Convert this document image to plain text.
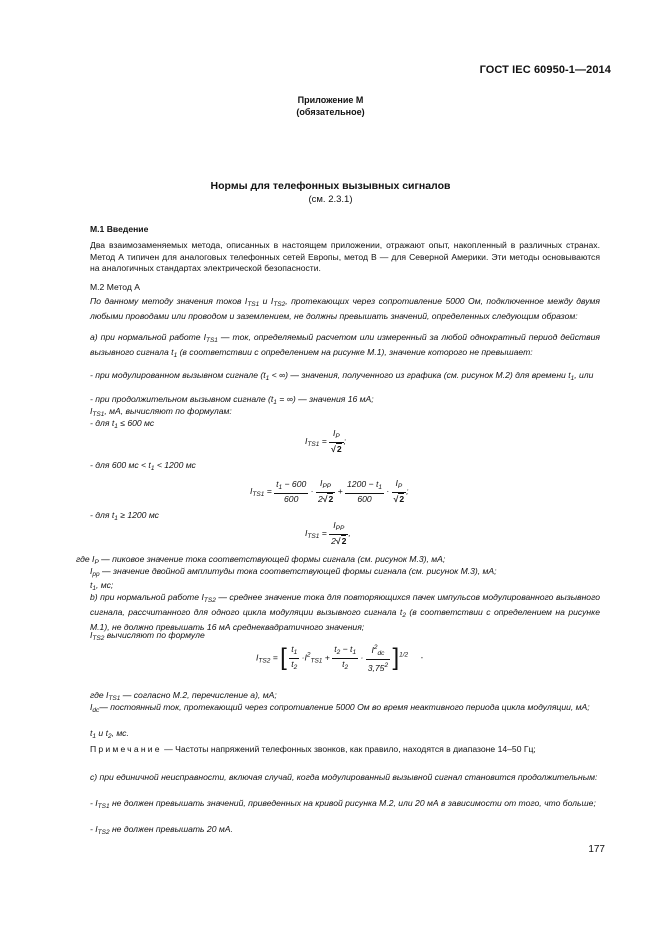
ГОСТ IEC 60950-1—2014
Приложение М
(обязательное)
Нормы для телефонных вызывных сигналов
(см. 2.3.1)
М.1 Введение
Два взаимозаменяемых метода, описанных в настоящем приложении, отражают опыт, накопленный в различных странах. Метод А типичен для аналоговых телефонных сетей Европы, метод В — для Северной Америки. Эти методы основываются на аналогичных стандартах электрической безопасности.
М.2 Метод А
По данному методу значения токов $I_{TS1}$ и $I_{TS2}$, протекающих через сопротивление 5000 Ом, подключенное между двумя любыми проводами или проводом и заземлением, не должны превышать значений, определенных следующим образом:
а) при нормальной работе $I_{TS1}$ — ток, определяемый расчетом или измеренный за любой однократный период действия вызывного сигнала $t_1$ (в соответствии с определением на рисунке М.1), значение которого не превышает:
- при модулированном вызывном сигнале ($t_1$ < ∞) — значения, полученного из графика (см. рисунок М.2) для времени $t_1$, или
- при продолжительном вызывном сигнале ($t_1$ = ∞) — значения 16 мА;
$I_{TS1}$, мА, вычисляют по формулам:
- для $t_1 \le 600$ мс
$I_{TS1} = \frac{I_P}{√2}$ ;
- для 600 мс < $t_1 < 1200$ мс
$I_{TS1} = \frac{t_1 - 600}{600} \cdot \frac{I_{PP}}{2√2} + \frac{1200 - t_1}{600} \cdot \frac{I_P}{√2}$ ;
- для $t_1 \ge 1200$ мс
$I_{TS1} = \frac{I_{PP}}{2√2}$ ,
где $I_P$ — пиковое значение тока соответствующей формы сигнала (см. рисунок М.3), мА;
$I_{pp}$ — значение двойной амплитуды тока соответствующей формы сигнала (см. рисунок М.3), мА;
$t_1$, мс;
b) при нормальной работе $I_{TS2}$ — среднее значение тока для повторяющихся пачек импульсов модулированного вызывного сигнала, рассчитанного для одного цикла модуляции вызывного сигнала $t_2$ (в соответствии с определением на рисунке М.1), не должно превышать 16 мА среднеквадратичного значения;
$I_{TS2}$ вычисляют по формуле
$I_{TS2}$ = [ $\frac{t_1}{t_2} \cdot I^2_{TS1} + \frac{t_2 - t_1}{t_2} \cdot \frac{I^2_{dc}}{3,75^2} ]^{1/2}$ -
где $I_{TS1}$ — согласно М.2, перечисление а), мА;
$I_{dc}—$ постоянный ток, протекающий через сопротивление 5000 Ом во время неактивного периода цикла модуляции, мА;
$t_1$ и $t_2$, мс.
Примечание — Частоты напряжений телефонных звонков, как правило, находятся в диапазоне 14–50 Гц;
с) при единичной неисправности, включая случай, когда модулированный вызывной сигнал становится продолжительным:
- $I_{TS1}$ не должен превышать значений, приведенных на кривой рисунка М.2, или 20 мА в зависимости от того, что больше;
- $I_{TS2}$ не должен превышать 20 мА.
177
